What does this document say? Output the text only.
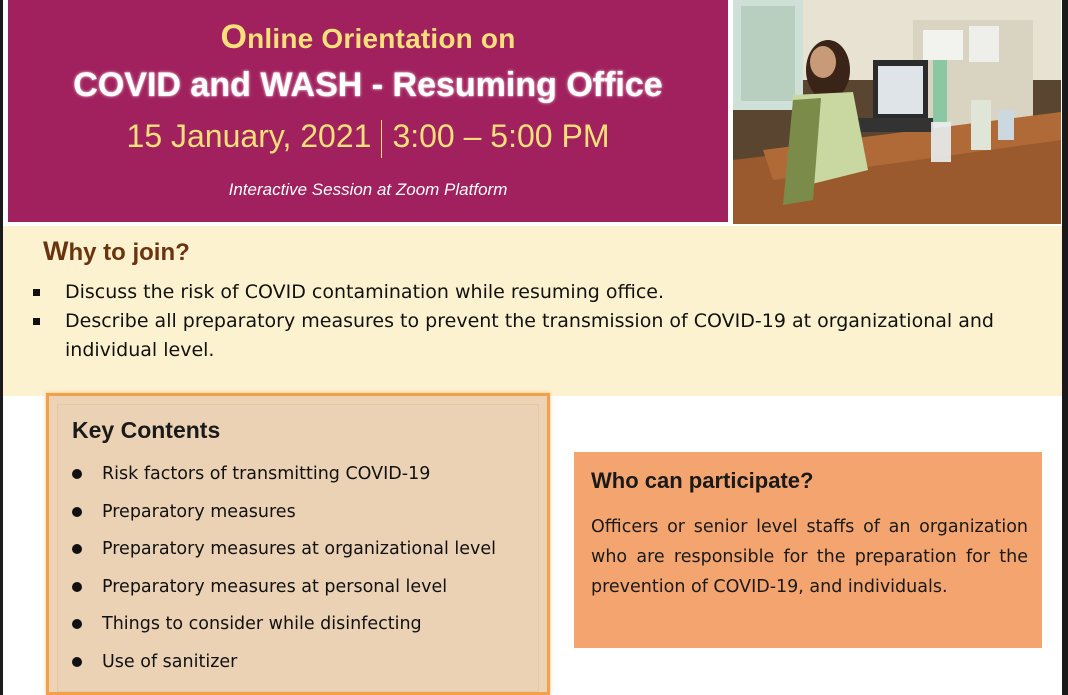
Online Orientation on
COVID and WASH - Resuming Office
15 January, 2021 3:00 – 5:00 PM
Interactive Session at Zoom Platform
Why to join?
Discuss the risk of COVID contamination while resuming office.
Describe all preparatory measures to prevent the transmission of COVID-19 at organizational and individual level.
Key Contents
Risk factors of transmitting COVID-19
Preparatory measures
Preparatory measures at organizational level
Preparatory measures at personal level
Things to consider while disinfecting
Use of sanitizer
Who can participate?
Officers or senior level staffs of an organization who are responsible for the preparation for the prevention of COVID-19, and individuals.
